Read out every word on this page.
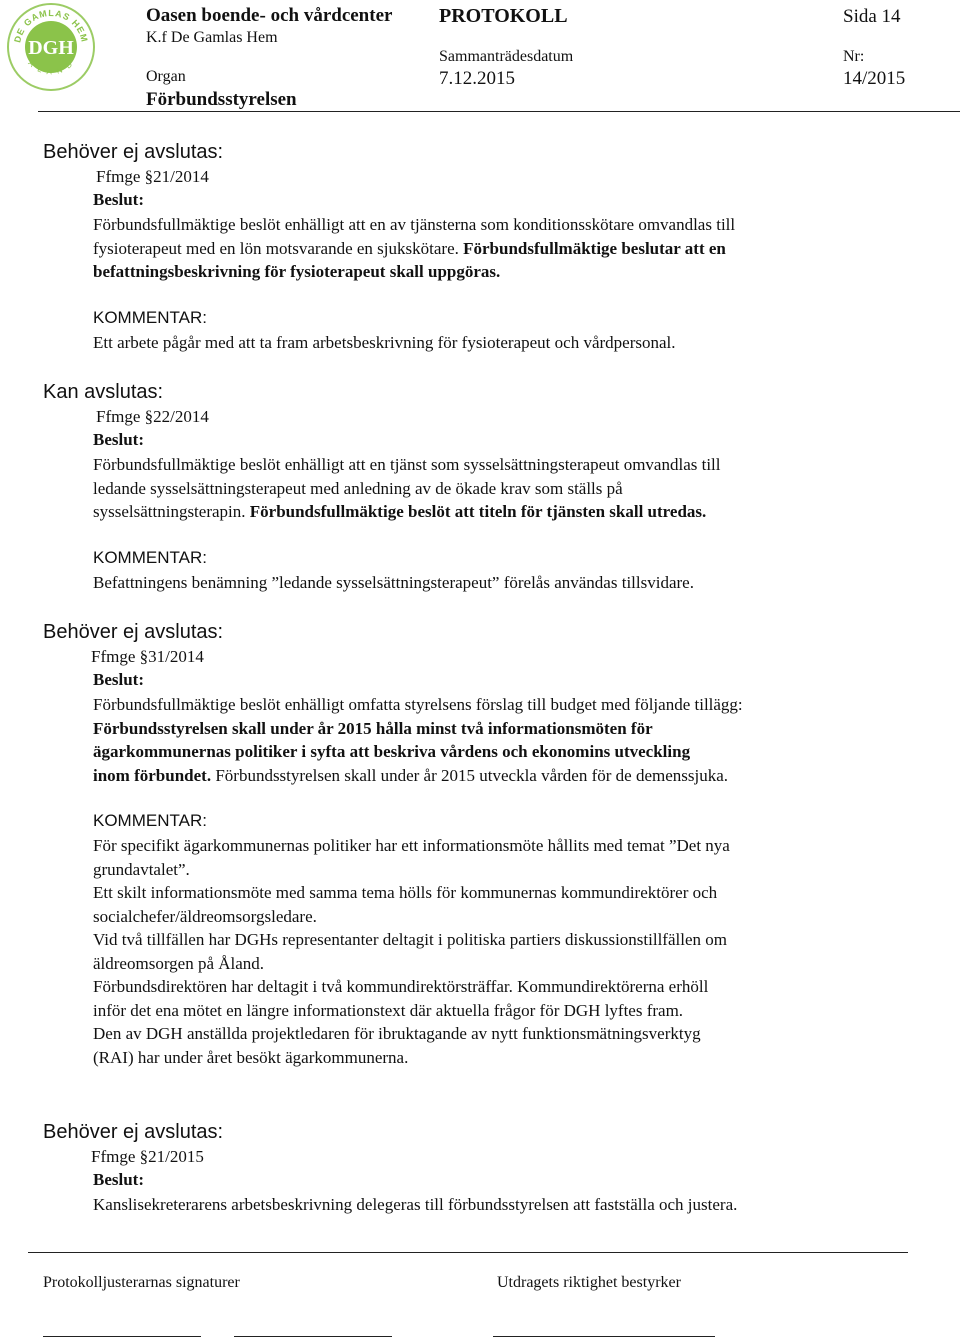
DE GAMLAS HEM
DGH
Å L A N D
Oasen boende- och vårdcenter
K.f De Gamlas Hem
Organ
Förbundsstyrelsen
PROTOKOLL
Sammanträdesdatum
7.12.2015
Sida 14
Nr:
14/2015
Behöver ej avslutas:
Ffmge §21/2014
Beslut:
Förbundsfullmäktige beslöt enhälligt att en av tjänsterna som konditionsskötare omvandlas till
fysioterapeut med en lön motsvarande en sjukskötare. Förbundsfullmäktige beslutar att en
befattningsbeskrivning för fysioterapeut skall uppgöras.
KOMMENTAR:
Ett arbete pågår med att ta fram arbetsbeskrivning för fysioterapeut och vårdpersonal.
Kan avslutas:
Ffmge §22/2014
Beslut:
Förbundsfullmäktige beslöt enhälligt att en tjänst som sysselsättningsterapeut omvandlas till
ledande sysselsättningsterapeut med anledning av de ökade krav som ställs på
sysselsättningsterapin. Förbundsfullmäktige beslöt att titeln för tjänsten skall utredas.
KOMMENTAR:
Befattningens benämning ”ledande sysselsättningsterapeut” förelås användas tillsvidare.
Behöver ej avslutas:
Ffmge §31/2014
Beslut:
Förbundsfullmäktige beslöt enhälligt omfatta styrelsens förslag till budget med följande tillägg:
Förbundsstyrelsen skall under år 2015 hålla minst två informationsmöten för
ägarkommunernas politiker i syfta att beskriva vårdens och ekonomins utveckling
inom förbundet. Förbundsstyrelsen skall under år 2015 utveckla vården för de demenssjuka.
KOMMENTAR:
För specifikt ägarkommunernas politiker har ett informationsmöte hållits med temat ”Det nya
grundavtalet”.
Ett skilt informationsmöte med samma tema hölls för kommunernas kommundirektörer och
socialchefer/äldreomsorgsledare.
Vid två tillfällen har DGHs representanter deltagit i politiska partiers diskussionstillfällen om
äldreomsorgen på Åland.
Förbundsdirektören har deltagit i två kommundirektörsträffar. Kommundirektörerna erhöll
inför det ena mötet en längre informationstext där aktuella frågor för DGH lyftes fram.
Den av DGH anställda projektledaren för ibruktagande av nytt funktionsmätningsverktyg
(RAI) har under året besökt ägarkommunerna.
Behöver ej avslutas:
Ffmge §21/2015
Beslut:
Kanslisekreterarens arbetsbeskrivning delegeras till förbundsstyrelsen att fastställa och justera.
Protokolljusterarnas signaturer	Utdragets riktighet bestyrker
